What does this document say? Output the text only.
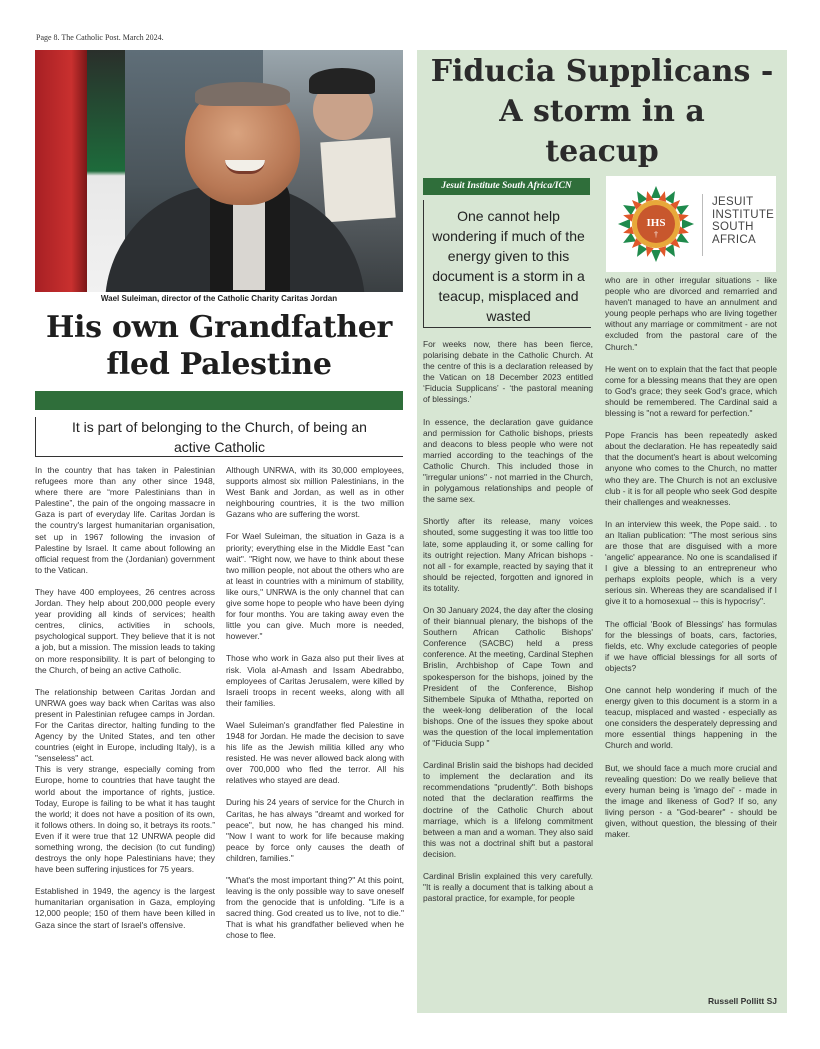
Page 8. The Catholic Post. March 2024.
Wael Suleiman, director of the Catholic Charity Caritas Jordan
His own Grandfather
fled Palestine
It is part of belonging to the Church, of being an active Catholic

In the country that has taken in Palestinian refugees more than any other since 1948, where there are “more Palestinians than in Palestine”, the pain of the ongoing massacre in Gaza is part of everyday life. Caritas Jordan is the country's largest humanitarian organisation, set up in 1967 following the invasion of Palestine by Israel. It came about following an official request from the (Jordanian) government to the Vatican.

They have 400 employees, 26 centres across Jordan. They help about 200,000 people every year providing all kinds of services; health centres, clinics, activities in schools, psychological support. They believe that it is not a job, but a mission. The mission leads to taking on more responsibility. It is part of belonging to the Church, of being an active Catholic.

The relationship between Caritas Jordan and UNRWA goes way back when Caritas was also present in Palestinian refugee camps in Jordan. For the Caritas director, halting funding to the Agency by the United States, and ten other countries (eight in Europe, including Italy), is a "senseless" act.

This is very strange, especially coming from Europe, home to countries that have taught the world about the importance of rights, justice. Today, Europe is failing to be what it has taught the world; it does not have a position of its own, it follows others. In doing so, it betrays its roots.” Even if it were true that 12 UNRWA people did something wrong, the decision (to cut funding) destroys the only hope Palestinians have; they have been suffering injustices for 75 years.

Established in 1949, the agency is the largest humanitarian organisation in Gaza, employing 12,000 people; 150 of them have been killed in Gaza since the start of Israel's offensive.

Although UNRWA, with its 30,000 employees, supports almost six million Palestinians, in the West Bank and Jordan, as well as in other neighbouring countries, it is the two million Gazans who are suffering the worst.

For Wael Suleiman, the situation in Gaza is a priority; everything else in the Middle East "can wait". "Right now, we have to think about these two million people, not about the others who are at least in countries with a minimum of stability, like ours," UNRWA is the only channel that can give some hope to people who have been dying for four months. You are taking away even the little you can give. Much more is needed, however."

Those who work in Gaza also put their lives at risk. Viola al-Amash and Issam Abedrabbo, employees of Caritas Jerusalem, were killed by Israeli troops in recent weeks, along with all their families.

Wael Suleiman's grandfather fled Palestine in 1948 for Jordan. He made the decision to save his life as the Jewish militia killed any who resisted. He was never allowed back along with over 700,000 who fled the terror. All his relatives who stayed are dead.

During his 24 years of service for the Church in Caritas, he has always "dreamt and worked for peace", but now, he has changed his mind. "Now I want to work for life because making peace by force only causes the death of children, families."

"What's the most important thing?" At this point, leaving is the only possible way to save oneself from the genocide that is unfolding. "Life is a sacred thing. God created us to live, not to die." That is what his grandfather believed when he chose to flee.

Fiducia Supplicans -
A storm in a
teacup
Jesuit Institute South Africa/ICN
IHS
†
JESUIT
INSTITUTE
SOUTH
AFRICA
One cannot help wondering if much of the energy given to this document is a storm in a teacup, misplaced and wasted

For weeks now, there has been fierce, polarising debate in the Catholic Church. At the centre of this is a declaration released by the Vatican on 18 December 2023 entitled ‘Fiducia Supplicans’ - ‘the pastoral meaning of blessings.’

In essence, the declaration gave guidance and permission for Catholic bishops, priests and deacons to bless people who were not married according to the teachings of the Catholic Church. This included those in "irregular unions" - not married in the Church, in polygamous relationships and people of the same sex.

Shortly after its release, many voices shouted, some suggesting it was too little too late, some applauding it, or some calling for its outright rejection. Many African bishops - not all - for example, reacted by saying that it should be rejected, forgotten and ignored in its totality.

On 30 January 2024, the day after the closing of their biannual plenary, the bishops of the Southern African Catholic Bishops' Conference (SACBC) held a press conference. At the meeting, Cardinal Stephen Brislin, Archbishop of Cape Town and spokesperson for the bishops, joined by the President of the Conference, Bishop Sithembele Sipuka of Mthatha, reported on the week-long deliberation of the local bishops. One of the issues they spoke about was the question of the local implementation of "Fiducia Supp "

Cardinal Brislin said the bishops had decided to implement the declaration and its recommendations "prudently". Both bishops noted that the declaration reaffirms the doctrine of the Catholic Church about marriage, which is a lifelong commitment between a man and a woman. They also said this was not a doctrinal shift but a pastoral decision.

Cardinal Brislin explained this very carefully. "It is really a document that is talking about a pastoral practice, for example, for people

who are in other irregular situations - like people who are divorced and remarried and haven't managed to have an annulment and young people perhaps who are living together without any marriage or commitment - are not excluded from the pastoral care of the Church."

He went on to explain that the fact that people come for a blessing means that they are open to God's grace; they seek God's grace, which should be remembered. The Cardinal said a blessing is "not a reward for perfection."

Pope Francis has been repeatedly asked about the declaration. He has repeatedly said that the document's heart is about welcoming anyone who comes to the Church, no matter who they are. The Church is not an exclusive club - it is for all people who seek God despite their challenges and weaknesses.

In an interview this week, the Pope said. . to an Italian publication: "The most serious sins are those that are disguised with a more 'angelic' appearance. No one is scandalised if I give a blessing to an entrepreneur who perhaps exploits people, which is a very serious sin. Whereas they are scandalised if I give it to a homosexual -- this is hypocrisy".

The official 'Book of Blessings' has formulas for the blessings of boats, cars, factories, fields, etc. Why exclude categories of people if we have official blessings for all sorts of objects?

One cannot help wondering if much of the energy given to this document is a storm in a teacup, misplaced and wasted - especially as one considers the desperately depressing and more essential things happening in the Church and world.

But, we should face a much more crucial and revealing question: Do we really believe that every human being is 'imago dei' - made in the image and likeness of God? If so, any living person - a "God-bearer" - should be given, without question, the blessing of their maker.

Russell Pollitt SJ
